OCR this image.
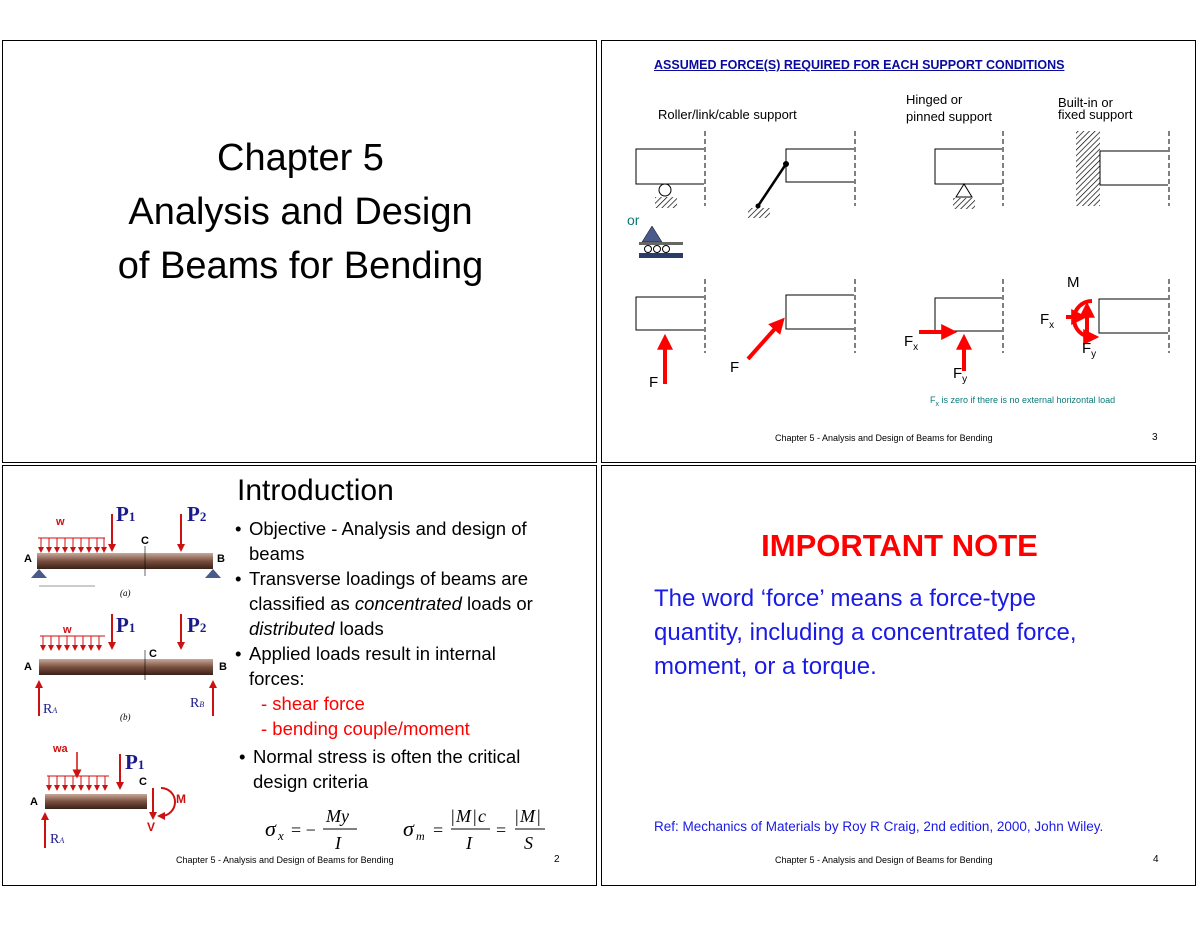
Chapter 5
Analysis and Design
of Beams for Bending
ASSUMED FORCE(S) REQUIRED FOR EACH SUPPORT CONDITIONS
Roller/link/cable support
Hinged or
pinned support
Built-in or
fixed support
or
F
F
$F_x$
$F_y$
M
$F_x$
$F_y$
$F_x$ is zero if there is no external horizontal load
Chapter 5 - Analysis and Design of Beams for Bending	3
w P1 P2
C
A	B
(a)
w P1 P2
C
A	B
RA	RB
(b)
wa
P1
C
A	M
V
RA
Introduction
• Objective - Analysis and design of
beams
• Transverse loadings of beams are
classified as concentrated loads or
distributed loads
• Applied loads result in internal
forces:
- shear force
- bending couple/moment
• Normal stress is often the critical
design criteria
σ x = −
My
I
σ m =
| M | c
I
=
| M |
S
Chapter 5 - Analysis and Design of Beams for Bending	2
IMPORTANT NOTE
The word ‘force’ means a force-type
quantity, including a concentrated force,
moment, or a torque.
Ref: Mechanics of Materials by Roy R Craig, 2nd edition, 2000, John Wiley.
Chapter 5 - Analysis and Design of Beams for Bending	4
